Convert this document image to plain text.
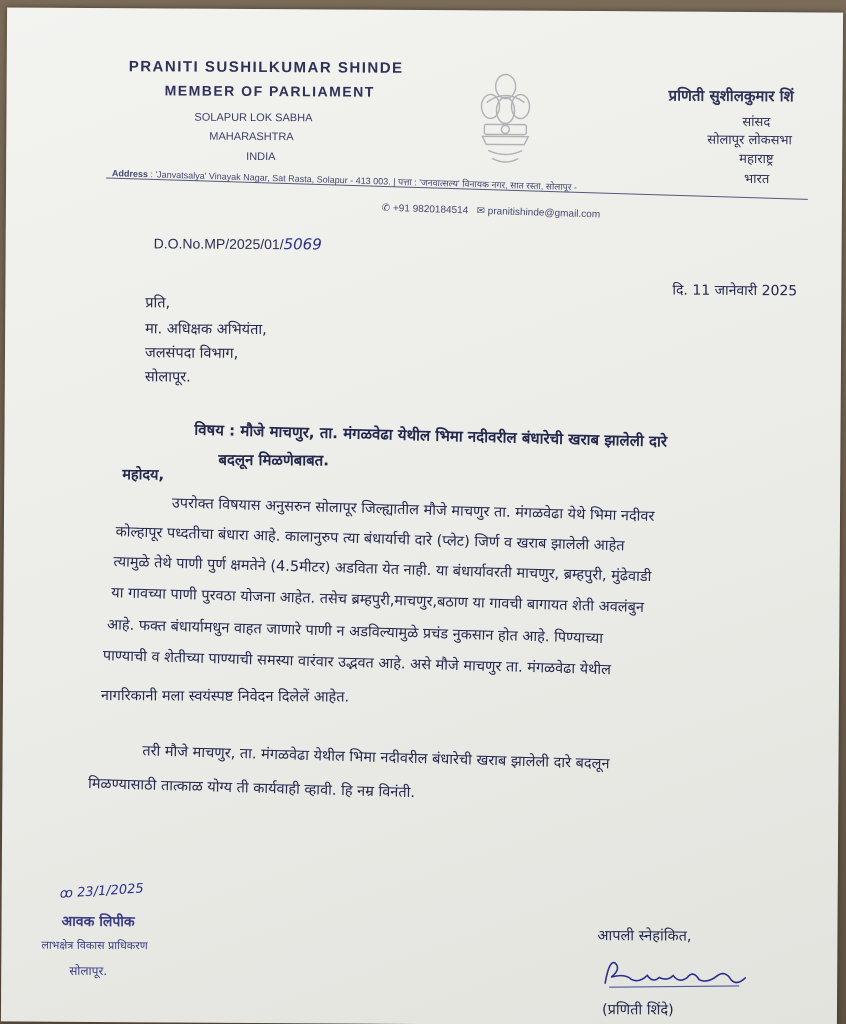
PRANITI SUSHILKUMAR SHINDE
MEMBER OF PARLIAMENT
SOLAPUR LOK SABHA
MAHARASHTRA
INDIA
प्रणिती सुशीलकुमार शिं
सांसद
सोलापूर लोकसभा
महाराष्ट्र
भारत
Address : 'Janvatsalya' Vinayak Nagar, Sat Rasta, Solapur - 413 003. | पत्ता : 'जनवात्सल्य' विनायक नगर, सात रस्ता, सोलापूर -
✆ +91 9820184514 ✉ pranitishinde@gmail.com
D.O.No.MP/2025/01/5069
दि. 11 जानेवारी 2025
प्रति,
मा. अधिक्षक अभियंता,
जलसंपदा विभाग,
सोलापूर.
विषय : मौजे माचणुर, ता. मंगळवेढा येथील भिमा नदीवरील बंधारेची खराब झालेली दारे
बदलून मिळणेबाबत.
महोदय,
उपरोक्त विषयास अनुसरुन सोलापूर जिल्ह्यातील मौजे माचणुर ता. मंगळवेढा येथे भिमा नदीवर
कोल्हापूर पध्दतीचा बंधारा आहे. कालानुरुप त्या बंधार्याची दारे (प्लेट) जिर्ण व खराब झालेली आहेत
त्यामुळे तेथे पाणी पुर्ण क्षमतेने (4.5मीटर) अडविता येत नाही. या बंधार्यावरती माचणुर, ब्रम्हपुरी, मुंढेवाडी
या गावच्या पाणी पुरवठा योजना आहेत. तसेच ब्रम्हपुरी,माचणुर,बठाण या गावची बागायत शेती अवलंबुन
आहे. फक्त बंधार्यामधुन वाहत जाणारे पाणी न अडविल्यामुळे प्रचंड नुकसान होत आहे. पिण्याच्या
पाण्याची व शेतीच्या पाण्याची समस्या वारंवार उद्भवत आहे. असे मौजे माचणुर ता. मंगळवेढा येथील
नागरिकानी मला स्वयंस्पष्ट निवेदन दिलेलें आहेत.
तरी मौजे माचणुर, ता. मंगळवेढा येथील भिमा नदीवरील बंधारेची खराब झालेली दारे बदलून
मिळण्यासाठी तात्काळ योग्य ती कार्यवाही व्हावी. हि नम्र विनंती.
ꝏ 23/1/2025
आवक लिपीक
लाभक्षेत्र विकास प्राधिकरण
सोलापूर.
आपली स्नेहांकित,
(प्रणिती शिंदे)
